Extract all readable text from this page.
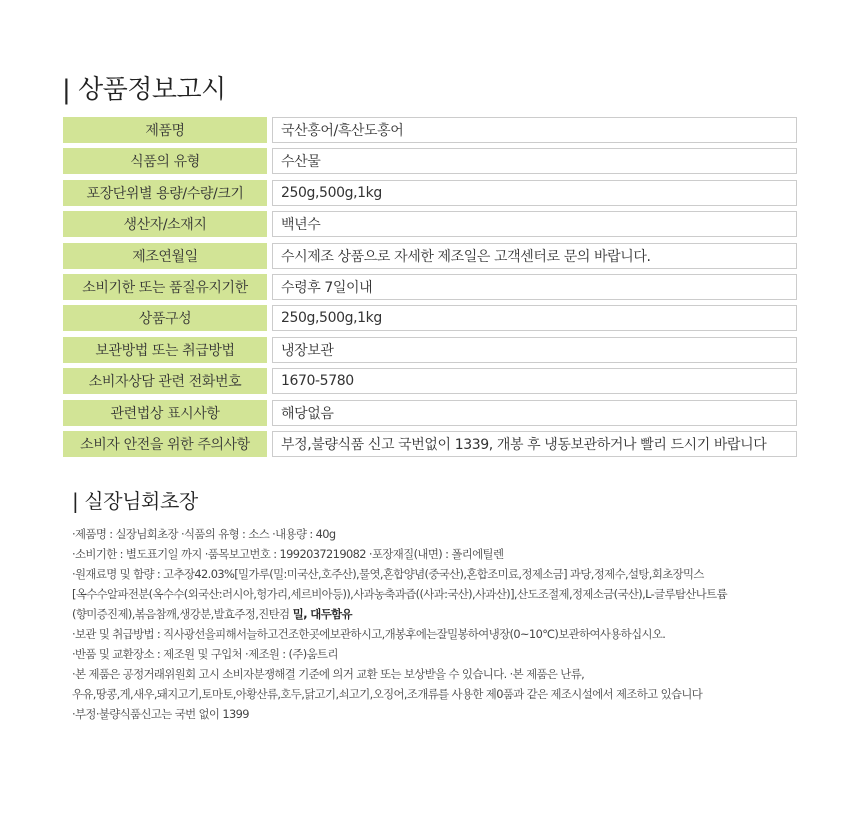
| 상품정보고시
제품명	국산홍어/흑산도홍어
식품의 유형	수산물
포장단위별 용량/수량/크기	250g,500g,1kg
생산자/소재지	백년수
제조연월일	수시제조 상품으로 자세한 제조일은 고객센터로 문의 바랍니다.
소비기한 또는 품질유지기한	수령후 7일이내
상품구성	250g,500g,1kg
보관방법 또는 취급방법	냉장보관
소비자상담 관련 전화번호	1670-5780
관련법상 표시사항	해당없음
소비자 안전을 위한 주의사항	부정,불량식품 신고 국번없이 1339, 개봉 후 냉동보관하거나 빨리 드시기 바랍니다
| 실장님회초장
·제품명 : 실장님회초장 ·식품의 유형 : 소스 ·내용량 : 40g
·소비기한 : 별도표기일 까지 ·품목보고번호 : 1992037219082 ·포장재질(내면) : 폴리에틸렌
·원재료명 및 함량 : 고추장42.03%[밀가루(밀:미국산,호주산),물엿,혼합양념(중국산),혼합조미료,정제소금] 과당,정제수,설탕,회초장믹스
[옥수수알파전분(옥수수(외국산:러시아,헝가리,세르비아등)),사과농축과즙((사과:국산),사과산)],산도조절제,정제소금(국산),L-글루탐산나트륨
(향미증진제),볶음참깨,생강분,발효주정,진탄검 밀, 대두함유
·보관 및 취급방법 : 직사광선을피해서늘하고건조한곳에보관하시고,개봉후에는잘밀봉하여냉장(0~10℃)보관하여사용하십시오.
·반품 및 교환장소 : 제조원 및 구입처 ·제조원 : (주)움트리
·본 제품은 공정거래위원회 고시 소비자분쟁해결 기준에 의거 교환 또는 보상받을 수 있습니다. ·본 제품은 난류,
우유,땅콩,게,새우,돼지고기,토마토,아황산류,호두,닭고기,쇠고기,오징어,조개류를 사용한 제0품과 같은 제조시설에서 제조하고 있습니다
·부정·불량식품신고는 국번 없이 1399
